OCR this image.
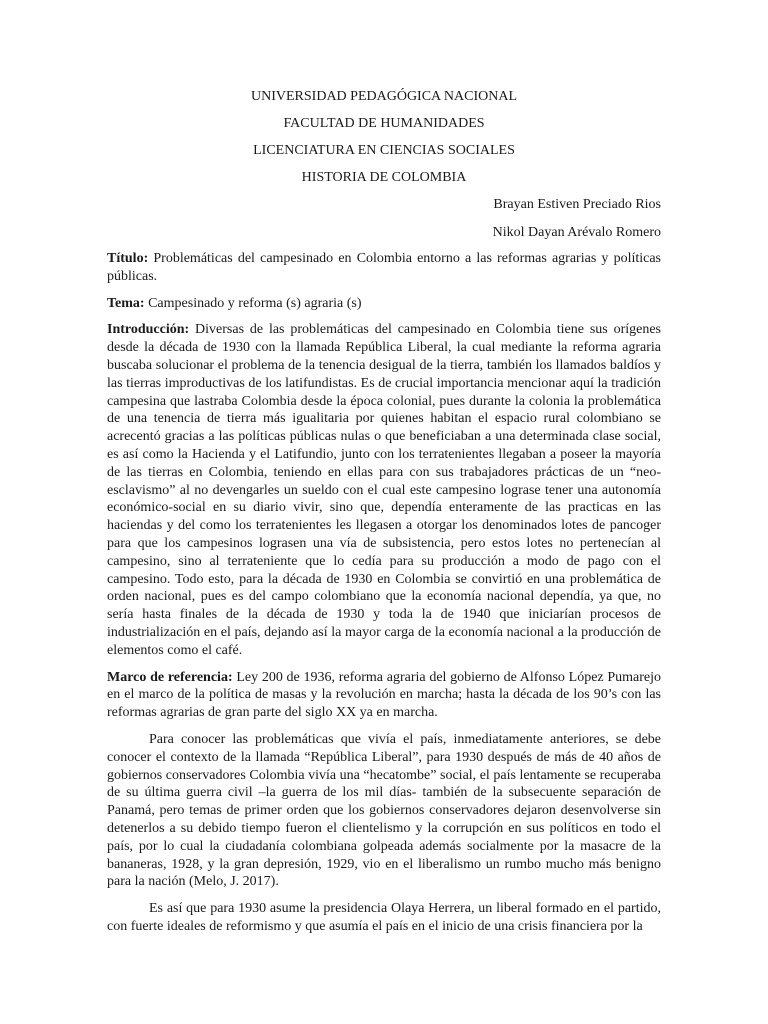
UNIVERSIDAD PEDAGÓGICA NACIONAL
FACULTAD DE HUMANIDADES
LICENCIATURA EN CIENCIAS SOCIALES
HISTORIA DE COLOMBIA
Brayan Estiven Preciado Rios
Nikol Dayan Arévalo Romero

Título: Problemáticas del campesinado en Colombia entorno a las reformas agrarias y políticas públicas.

Tema: Campesinado y reforma (s) agraria (s)

Introducción: Diversas de las problemáticas del campesinado en Colombia tiene sus orígenes desde la década de 1930 con la llamada República Liberal, la cual mediante la reforma agraria buscaba solucionar el problema de la tenencia desigual de la tierra, también los llamados baldíos y las tierras improductivas de los latifundistas. Es de crucial importancia mencionar aquí la tradición campesina que lastraba Colombia desde la época colonial, pues durante la colonia la problemática de una tenencia de tierra más igualitaria por quienes habitan el espacio rural colombiano se acrecentó gracias a las políticas públicas nulas o que beneficiaban a una determinada clase social, es así como la Hacienda y el Latifundio, junto con los terratenientes llegaban a poseer la mayoría de las tierras en Colombia, teniendo en ellas para con sus trabajadores prácticas de un “neo-esclavismo” al no devengarles un sueldo con el cual este campesino lograse tener una autonomía económico-social en su diario vivir, sino que, dependía enteramente de las practicas en las haciendas y del como los terratenientes les llegasen a otorgar los denominados lotes de pancoger para que los campesinos lograsen una vía de subsistencia, pero estos lotes no pertenecían al campesino, sino al terrateniente que lo cedía para su producción a modo de pago con el campesino. Todo esto, para la década de 1930 en Colombia se convirtió en una problemática de orden nacional, pues es del campo colombiano que la economía nacional dependía, ya que, no sería hasta finales de la década de 1930 y toda la de 1940 que iniciarían procesos de industrialización en el país, dejando así la mayor carga de la economía nacional a la producción de elementos como el café.

Marco de referencia: Ley 200 de 1936, reforma agraria del gobierno de Alfonso López Pumarejo en el marco de la política de masas y la revolución en marcha; hasta la década de los 90’s con las reformas agrarias de gran parte del siglo XX ya en marcha.

Para conocer las problemáticas que vivía el país, inmediatamente anteriores, se debe conocer el contexto de la llamada “República Liberal”, para 1930 después de más de 40 años de gobiernos conservadores Colombia vivía una “hecatombe” social, el país lentamente se recuperaba de su última guerra civil –la guerra de los mil días- también de la subsecuente separación de Panamá, pero temas de primer orden que los gobiernos conservadores dejaron desenvolverse sin detenerlos a su debido tiempo fueron el clientelismo y la corrupción en sus políticos en todo el país, por lo cual la ciudadanía colombiana golpeada además socialmente por la masacre de la bananeras, 1928, y la gran depresión, 1929, vio en el liberalismo un rumbo mucho más benigno para la nación (Melo, J. 2017).

Es así que para 1930 asume la presidencia Olaya Herrera, un liberal formado en el partido, con fuerte ideales de reformismo y que asumía el país en el inicio de una crisis financiera por la
